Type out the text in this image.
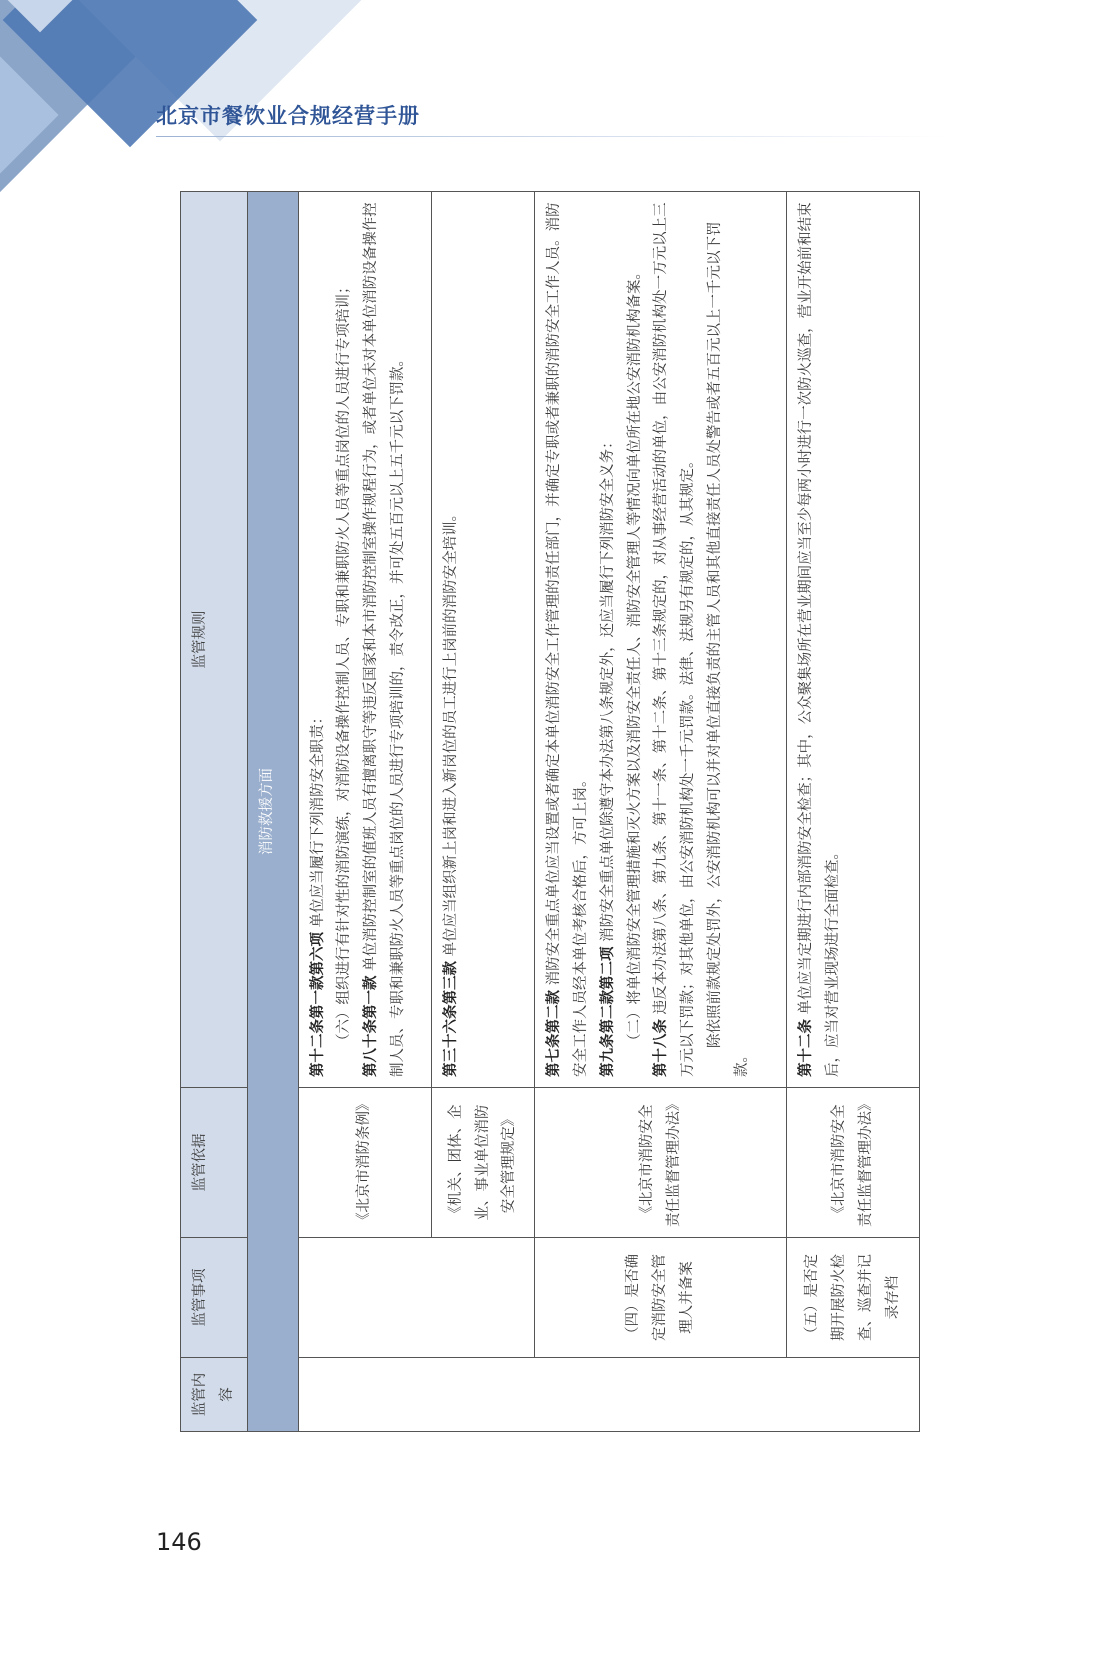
北京市餐饮业合规经营手册
监管内容	监管事项	监管依据	监管规则
消防救援方面			
		《北京市消防条例》	第十二条第一款第六项 单位应当履行下列消防安全职责： （六）组织进行有针对性的消防演练，对消防设备操作控制人员、专职和兼职防火人员等重点岗位的人员进行专项培训； 第八十条第一款 单位消防控制室的值班人员有擅离职守等违反国家和本市消防控制室操作规程行为，或者单位未对本单位消防设备操作控制人员、专职和兼职防火人员等重点岗位的人员进行专项培训的，责令改正，并可处五百元以上五千元以下罚款。

		《机关、团体、企业、事业单位消防安全管理规定》	第三十六条第三款 单位应当组织新上岗和进入新岗位的员工进行上岗前的消防安全培训。

	（四）是否确定消防安全管理人并备案	《北京市消防安全责任监督管理办法》	第七条第二款 消防安全重点单位应当设置或者确定本单位消防安全工作管理的责任部门，并确定专职或者兼职的消防安全工作人员。消防安全工作人员经本单位考核合格后，方可上岗。 第九条第二款第二项 消防安全重点单位除遵守本办法第八条规定外，还应当履行下列消防安全义务： （二）将单位消防安全管理措施和灭火方案以及消防安全责任人、消防安全管理人等情况向单位所在地公安消防机构备案。 第十八条 违反本办法第八条、第九条、第十一条、第十二条、第十三条规定的，对从事经营活动的单位，由公安消防机构处一万元以上三万元以下罚款；对其他单位，由公安消防机构处一千元罚款。法律、法规另有规定的，从其规定。 除依照前款规定处罚外，公安消防机构可以并对单位直接负责的主管人员和其他直接责任人员处警告或者五百元以上一千元以下罚款。

	（五）是否定期开展防火检查、巡查并记录存档	《北京市消防安全责任监督管理办法》	第十二条 单位应当定期进行内部消防安全检查；其中，公众聚集场所在营业期间应当至少每两小时进行一次防火巡查，营业开始前和结束后，应当对营业现场进行全面检查。

146
